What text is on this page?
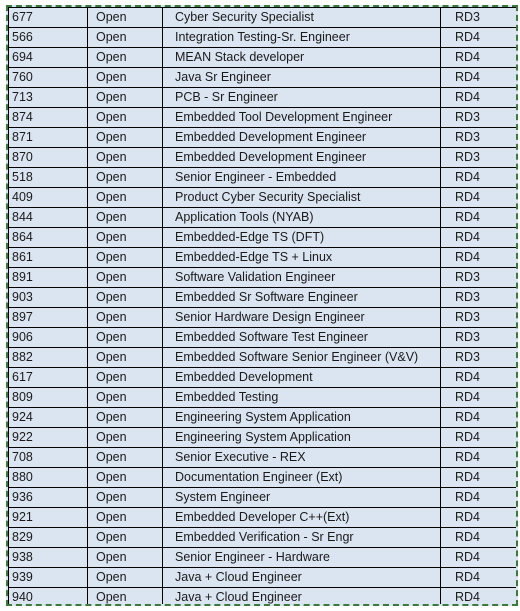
677	Open	Cyber Security Specialist	RD3
566	Open	Integration Testing-Sr. Engineer	RD4
694	Open	MEAN Stack developer	RD4
760	Open	Java Sr Engineer	RD4
713	Open	PCB - Sr Engineer	RD4
874	Open	Embedded Tool Development Engineer	RD3
871	Open	Embedded Development Engineer	RD3
870	Open	Embedded Development Engineer	RD3
518	Open	Senior Engineer - Embedded	RD4
409	Open	Product Cyber Security Specialist	RD4
844	Open	Application Tools (NYAB)	RD4
864	Open	Embedded-Edge TS (DFT)	RD4
861	Open	Embedded-Edge TS + Linux	RD4
891	Open	Software Validation Engineer	RD3
903	Open	Embedded Sr Software Engineer	RD3
897	Open	Senior Hardware Design Engineer	RD3
906	Open	Embedded Software Test Engineer	RD3
882	Open	Embedded Software Senior Engineer (V&V)	RD3
617	Open	Embedded Development	RD4
809	Open	Embedded Testing	RD4
924	Open	Engineering System Application	RD4
922	Open	Engineering System Application	RD4
708	Open	Senior Executive - REX	RD4
880	Open	Documentation Engineer (Ext)	RD4
936	Open	System Engineer	RD4
921	Open	Embedded Developer C++(Ext)	RD4
829	Open	Embedded Verification - Sr Engr	RD4
938	Open	Senior Engineer - Hardware	RD4
939	Open	Java + Cloud Engineer	RD4
940	Open	Java + Cloud Engineer	RD4
